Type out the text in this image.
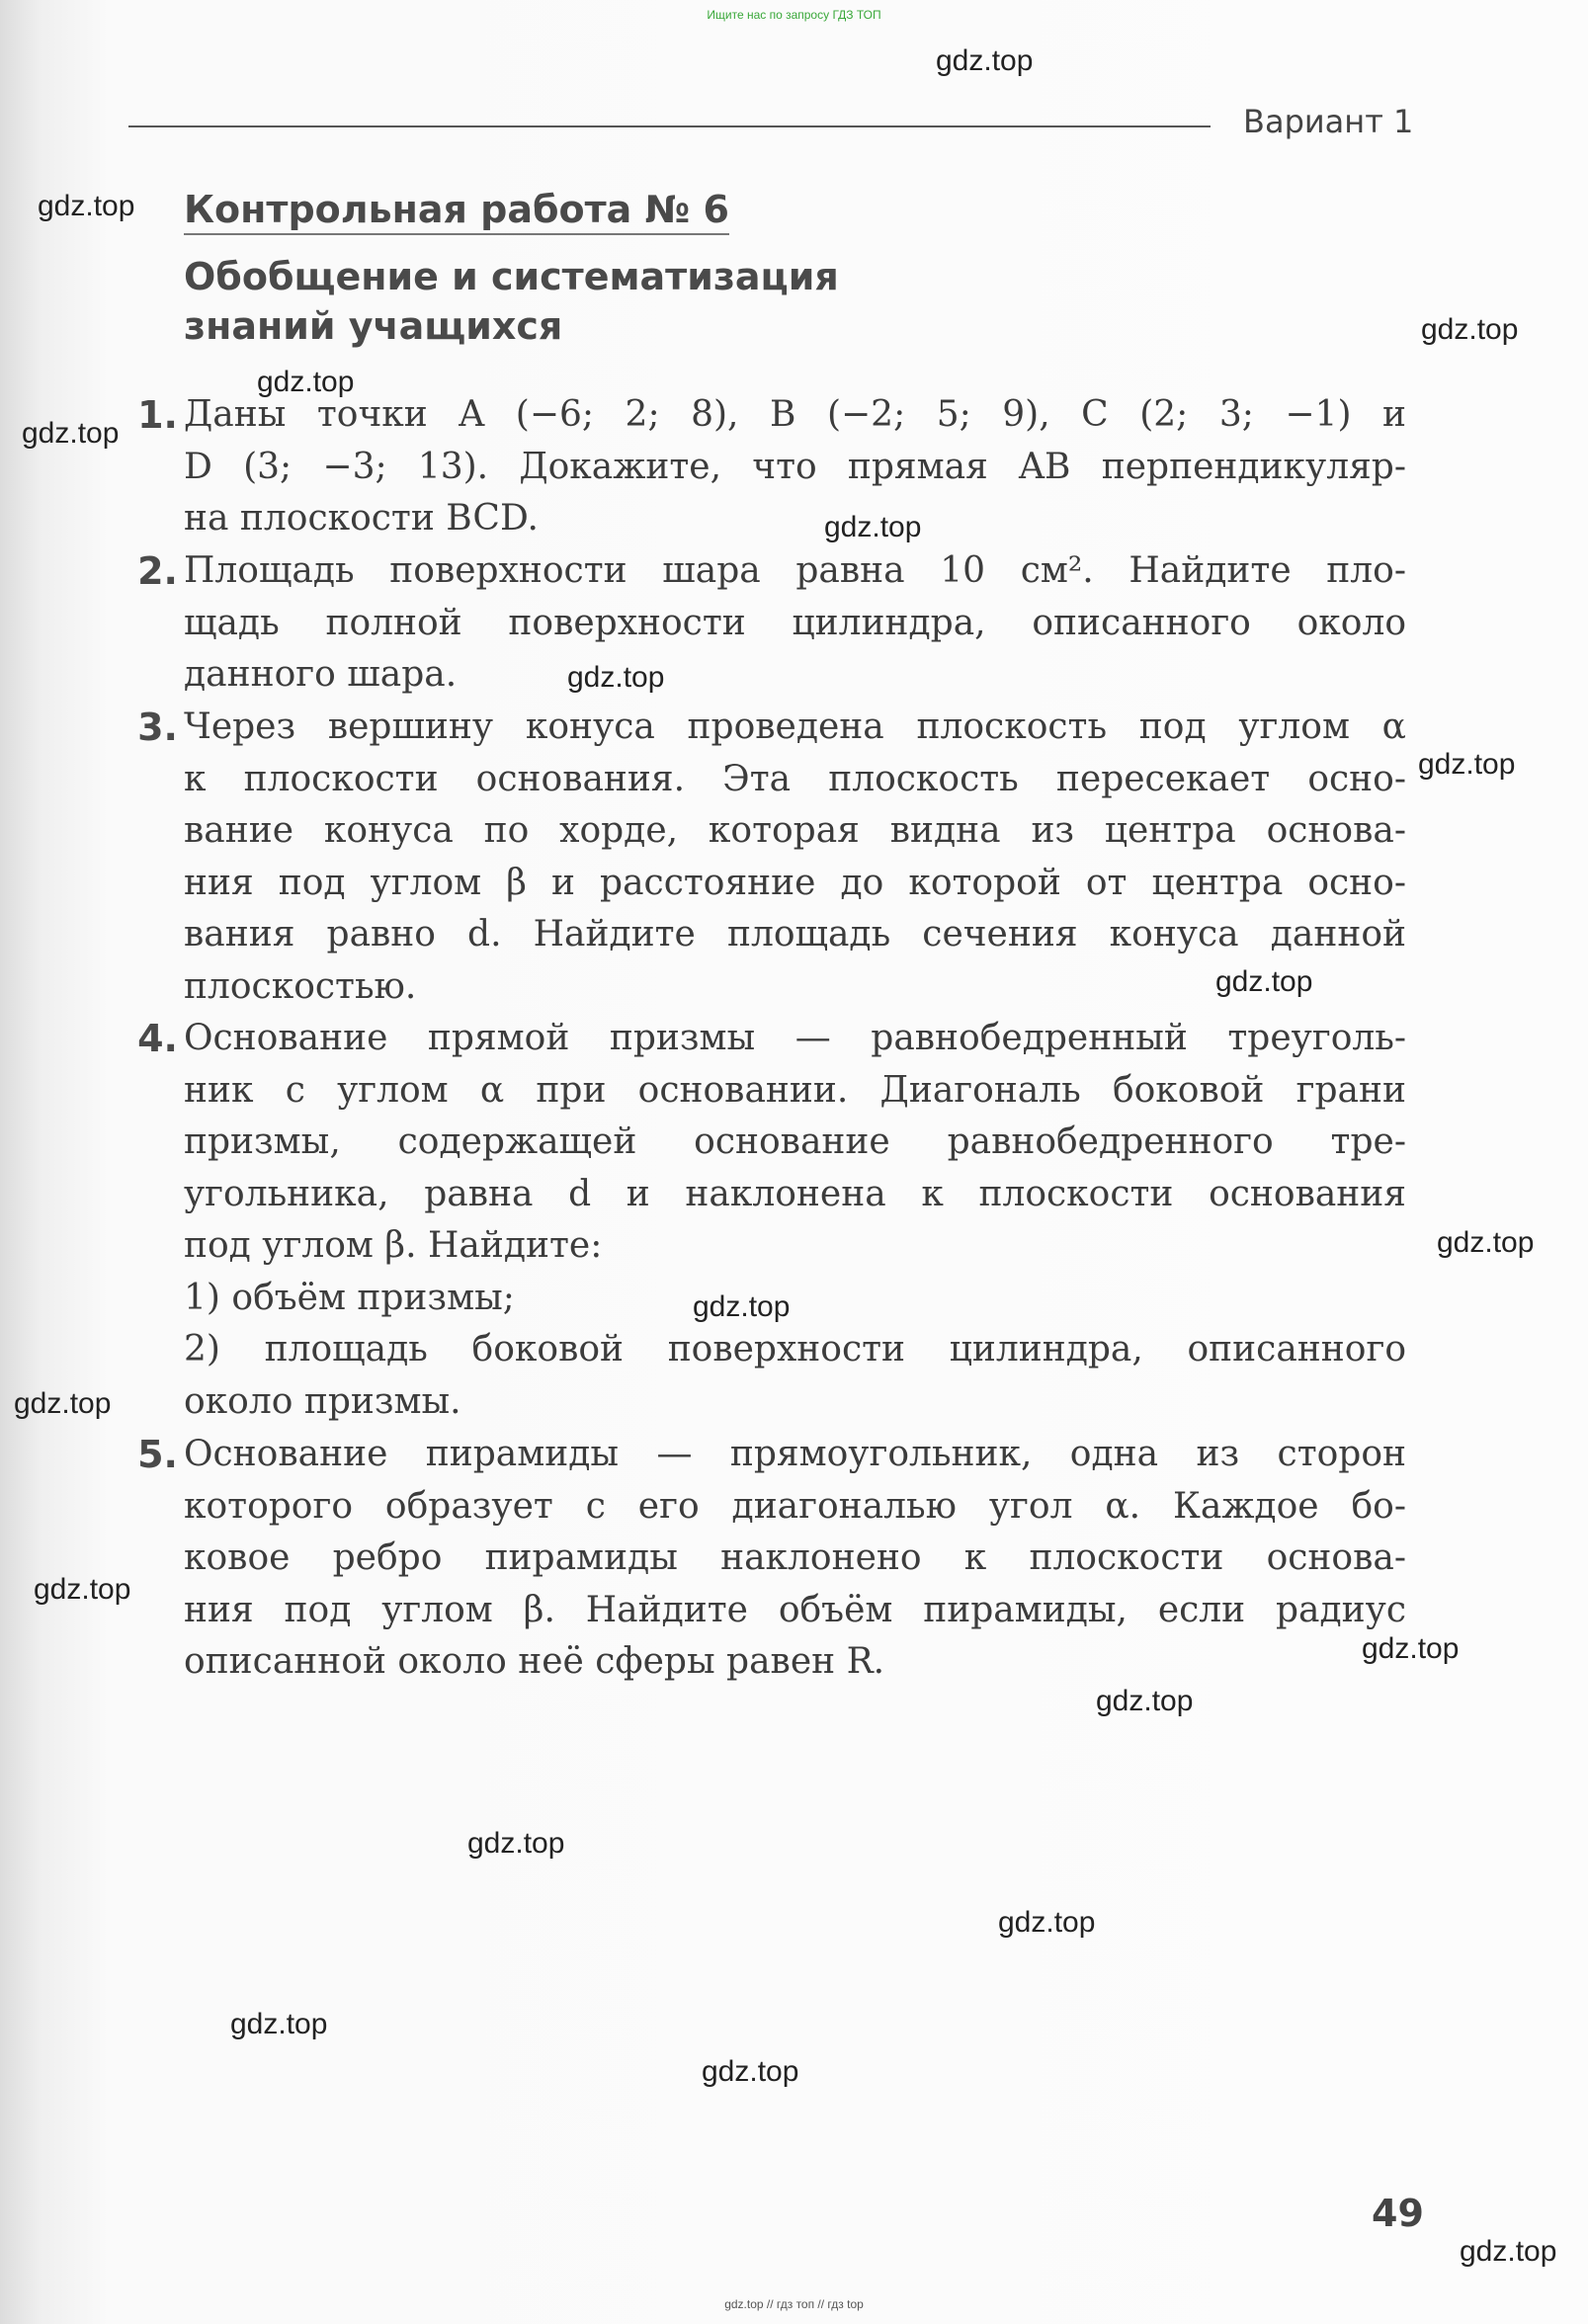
Ищите нас по запросу ГДЗ ТОП
Вариант 1
Контрольная работа № 6
Обобщение и систематизация
знаний учащихся
1. Даны точки A (−6; 2; 8), B (−2; 5; 9), C (2; 3; −1) и
D (3; −3; 13). Докажите, что прямая AB перпендикуляр-
на плоскости BCD.
2. Площадь поверхности шара равна 10 см². Найдите пло-
щадь полной поверхности цилиндра, описанного около
данного шара.
3. Через вершину конуса проведена плоскость под углом α
к плоскости основания. Эта плоскость пересекает осно-
вание конуса по хорде, которая видна из центра основа-
ния под углом β и расстояние до которой от центра осно-
вания равно d. Найдите площадь сечения конуса данной
плоскостью.
4. Основание прямой призмы — равнобедренный треуголь-
ник с углом α при основании. Диагональ боковой грани
призмы, содержащей основание равнобедренного тре-
угольника, равна d и наклонена к плоскости основания
под углом β. Найдите:
1) объём призмы;
2) площадь боковой поверхности цилиндра, описанного
около призмы.
5. Основание пирамиды — прямоугольник, одна из сторон
которого образует с его диагональю угол α. Каждое бо-
ковое ребро пирамиды наклонено к плоскости основа-
ния под углом β. Найдите объём пирамиды, если радиус
описанной около неё сферы равен R.
49
gdz.top
gdz.top
gdz.top
gdz.top
gdz.top
gdz.top
gdz.top
gdz.top
gdz.top
gdz.top
gdz.top
gdz.top
gdz.top
gdz.top
gdz.top
gdz.top
gdz.top
gdz.top
gdz.top
gdz.top
gdz.top // гдз топ // гдз top
